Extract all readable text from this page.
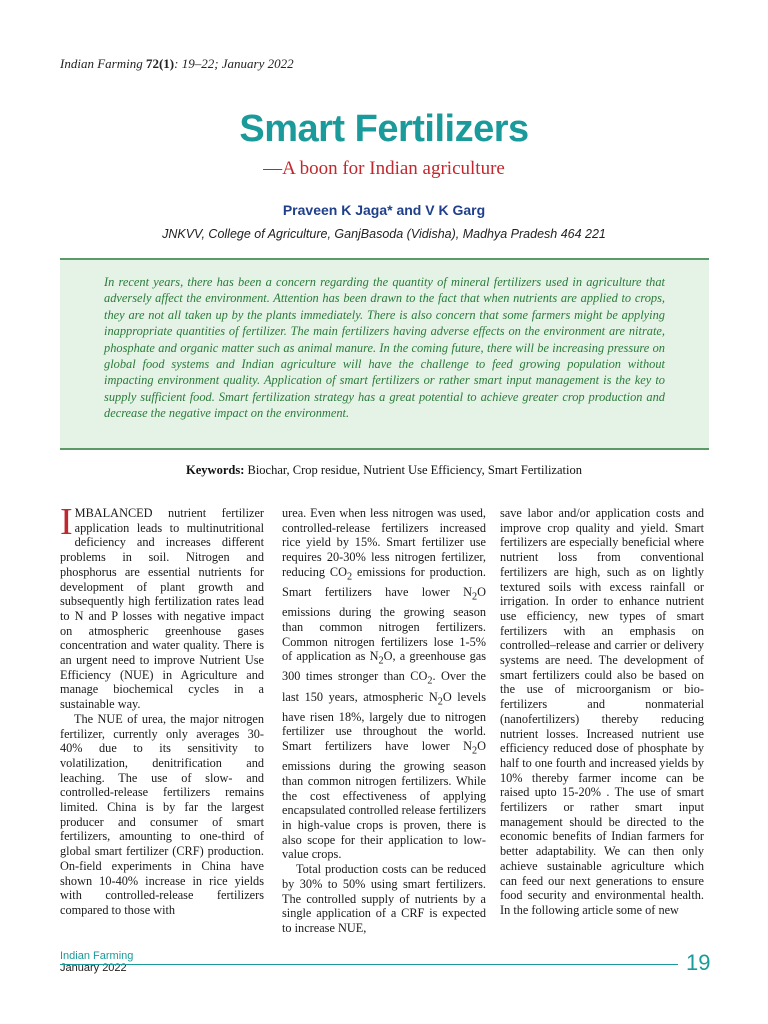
Indian Farming 72(1): 19–22; January 2022
Smart Fertilizers
—A boon for Indian agriculture
Praveen K Jaga* and V K Garg
JNKVV, College of Agriculture, GanjBasoda (Vidisha), Madhya Pradesh 464 221

In recent years, there has been a concern regarding the quantity of mineral fertilizers used in agriculture that adversely affect the environment. Attention has been drawn to the fact that when nutrients are applied to crops, they are not all taken up by the plants immediately. There is also concern that some farmers might be applying inappropriate quantities of fertilizer. The main fertilizers having adverse effects on the environment are nitrate, phosphate and organic matter such as animal manure. In the coming future, there will be increasing pressure on global food systems and Indian agriculture will have the challenge to feed growing population without impacting environment quality. Application of smart fertilizers or rather smart input management is the key to supply sufficient food. Smart fertilization strategy has a great potential to achieve greater crop production and decrease the negative impact on the environment.

Keywords: Biochar, Crop residue, Nutrient Use Efficiency, Smart Fertilization

IMBALANCED nutrient fertilizer application leads to multinutritional deficiency and increases different problems in soil. Nitrogen and phosphorus are essential nutrients for development of plant growth and subsequently high fertilization rates lead to N and P losses with negative impact on atmospheric greenhouse gases concentration and water quality. There is an urgent need to improve Nutrient Use Efficiency (NUE) in Agriculture and manage biochemical cycles in a sustainable way.

The NUE of urea, the major nitrogen fertilizer, currently only averages 30-40% due to its sensitivity to volatilization, denitrification and leaching. The use of slow- and controlled-release fertilizers remains limited. China is by far the largest producer and consumer of smart fertilizers, amounting to one-third of global smart fertilizer (CRF) production. On-field experiments in China have shown 10-40% increase in rice yields with controlled-release fertilizers compared to those with

urea. Even when less nitrogen was used, controlled-release fertilizers increased rice yield by 15%. Smart fertilizer use requires 20-30% less nitrogen fertilizer, reducing $CO_2$ emissions for production. Smart fertilizers have lower $N_2O$ emissions during the growing season than common nitrogen fertilizers. Common nitrogen fertilizers lose 1-5% of application as $N_2O$, a greenhouse gas 300 times stronger than $CO_2$. Over the last 150 years, atmospheric $N_2O$ levels have risen 18%, largely due to nitrogen fertilizer use throughout the world. Smart fertilizers have lower $N_2O$ emissions during the growing season than common nitrogen fertilizers. While the cost effectiveness of applying encapsulated controlled release fertilizers in high-value crops is proven, there is also scope for their application to low-value crops.

Total production costs can be reduced by 30% to 50% using smart fertilizers. The controlled supply of nutrients by a single application of a CRF is expected to increase NUE,

save labor and/or application costs and improve crop quality and yield. Smart fertilizers are especially beneficial where nutrient loss from conventional fertilizers are high, such as on lightly textured soils with excess rainfall or irrigation. In order to enhance nutrient use efficiency, new types of smart fertilizers with an emphasis on controlled–release and carrier or delivery systems are need. The development of smart fertilizers could also be based on the use of microorganism or bio-fertilizers and nonmaterial (nanofertilizers) thereby reducing nutrient losses. Increased nutrient use efficiency reduced dose of phosphate by half to one fourth and increased yields by 10% thereby farmer income can be raised upto 15-20% . The use of smart fertilizers or rather smart input management should be directed to the economic benefits of Indian farmers for better adaptability. We can then only achieve sustainable agriculture which can feed our next generations to ensure food security and environmental health. In the following article some of new

Indian Farming
January 2022	19
